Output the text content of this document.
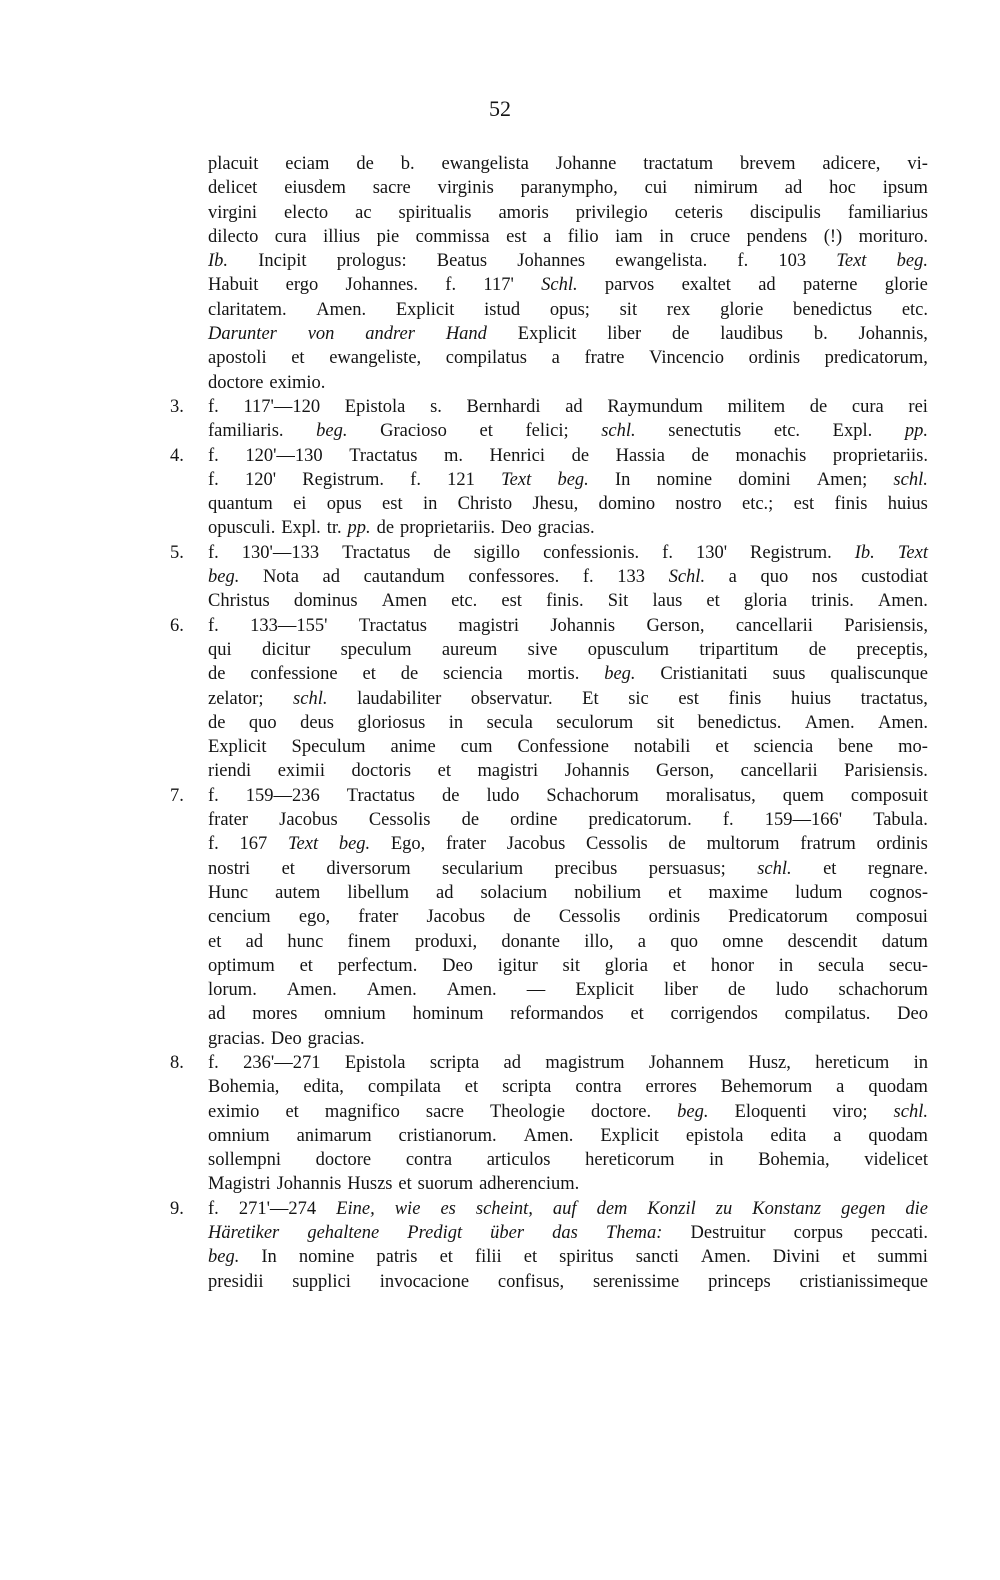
52
placuit eciam de b. ewangelista Johanne tractatum brevem adicere, vi-
delicet eiusdem sacre virginis paranympho, cui nimirum ad hoc ipsum
virgini electo ac spiritualis amoris privilegio ceteris discipulis familiarius
dilecto cura illius pie commissa est a filio iam in cruce pendens (!) morituro.
Ib. Incipit prologus: Beatus Johannes ewangelista. f. 103 Text beg.
Habuit ergo Johannes. f. 117' Schl. parvos exaltet ad paterne glorie
claritatem. Amen. Explicit istud opus; sit rex glorie benedictus etc.
Darunter von andrer Hand Explicit liber de laudibus b. Johannis,
apostoli et ewangeliste, compilatus a fratre Vincencio ordinis predicatorum,
doctore eximio.
3. f. 117'—120 Epistola s. Bernhardi ad Raymundum militem de cura rei
familiaris. beg. Gracioso et felici; schl. senectutis etc. Expl. pp.
4. f. 120'—130 Tractatus m. Henrici de Hassia de monachis proprietariis.
f. 120' Registrum. f. 121 Text beg. In nomine domini Amen; schl.
quantum ei opus est in Christo Jhesu, domino nostro etc.; est finis huius
opusculi. Expl. tr. pp. de proprietariis. Deo gracias.
5. f. 130'—133 Tractatus de sigillo confessionis. f. 130' Registrum. Ib. Text
beg. Nota ad cautandum confessores. f. 133 Schl. a quo nos custodiat
Christus dominus Amen etc. est finis. Sit laus et gloria trinis. Amen.
6. f. 133—155' Tractatus magistri Johannis Gerson, cancellarii Parisiensis,
qui dicitur speculum aureum sive opusculum tripartitum de preceptis,
de confessione et de sciencia mortis. beg. Cristianitati suus qualiscunque
zelator; schl. laudabiliter observatur. Et sic est finis huius tractatus,
de quo deus gloriosus in secula seculorum sit benedictus. Amen. Amen.
Explicit Speculum anime cum Confessione notabili et sciencia bene mo-
riendi eximii doctoris et magistri Johannis Gerson, cancellarii Parisiensis.
7. f. 159—236 Tractatus de ludo Schachorum moralisatus, quem composuit
frater Jacobus Cessolis de ordine predicatorum. f. 159—166' Tabula.
f. 167 Text beg. Ego, frater Jacobus Cessolis de multorum fratrum ordinis
nostri et diversorum secularium precibus persuasus; schl. et regnare.
Hunc autem libellum ad solacium nobilium et maxime ludum cognos-
cencium ego, frater Jacobus de Cessolis ordinis Predicatorum composui
et ad hunc finem produxi, donante illo, a quo omne descendit datum
optimum et perfectum. Deo igitur sit gloria et honor in secula secu-
lorum. Amen. Amen. Amen. — Explicit liber de ludo schachorum
ad mores omnium hominum reformandos et corrigendos compilatus. Deo
gracias. Deo gracias.
8. f. 236'—271 Epistola scripta ad magistrum Johannem Husz, hereticum in
Bohemia, edita, compilata et scripta contra errores Behemorum a quodam
eximio et magnifico sacre Theologie doctore. beg. Eloquenti viro; schl.
omnium animarum cristianorum. Amen. Explicit epistola edita a quodam
sollempni doctore contra articulos hereticorum in Bohemia, videlicet
Magistri Johannis Huszs et suorum adherencium.
9. f. 271'—274 Eine, wie es scheint, auf dem Konzil zu Konstanz gegen die
Häretiker gehaltene Predigt über das Thema: Destruitur corpus peccati.
beg. In nomine patris et filii et spiritus sancti Amen. Divini et summi
presidii supplici invocacione confisus, serenissime princeps cristianissimeque
